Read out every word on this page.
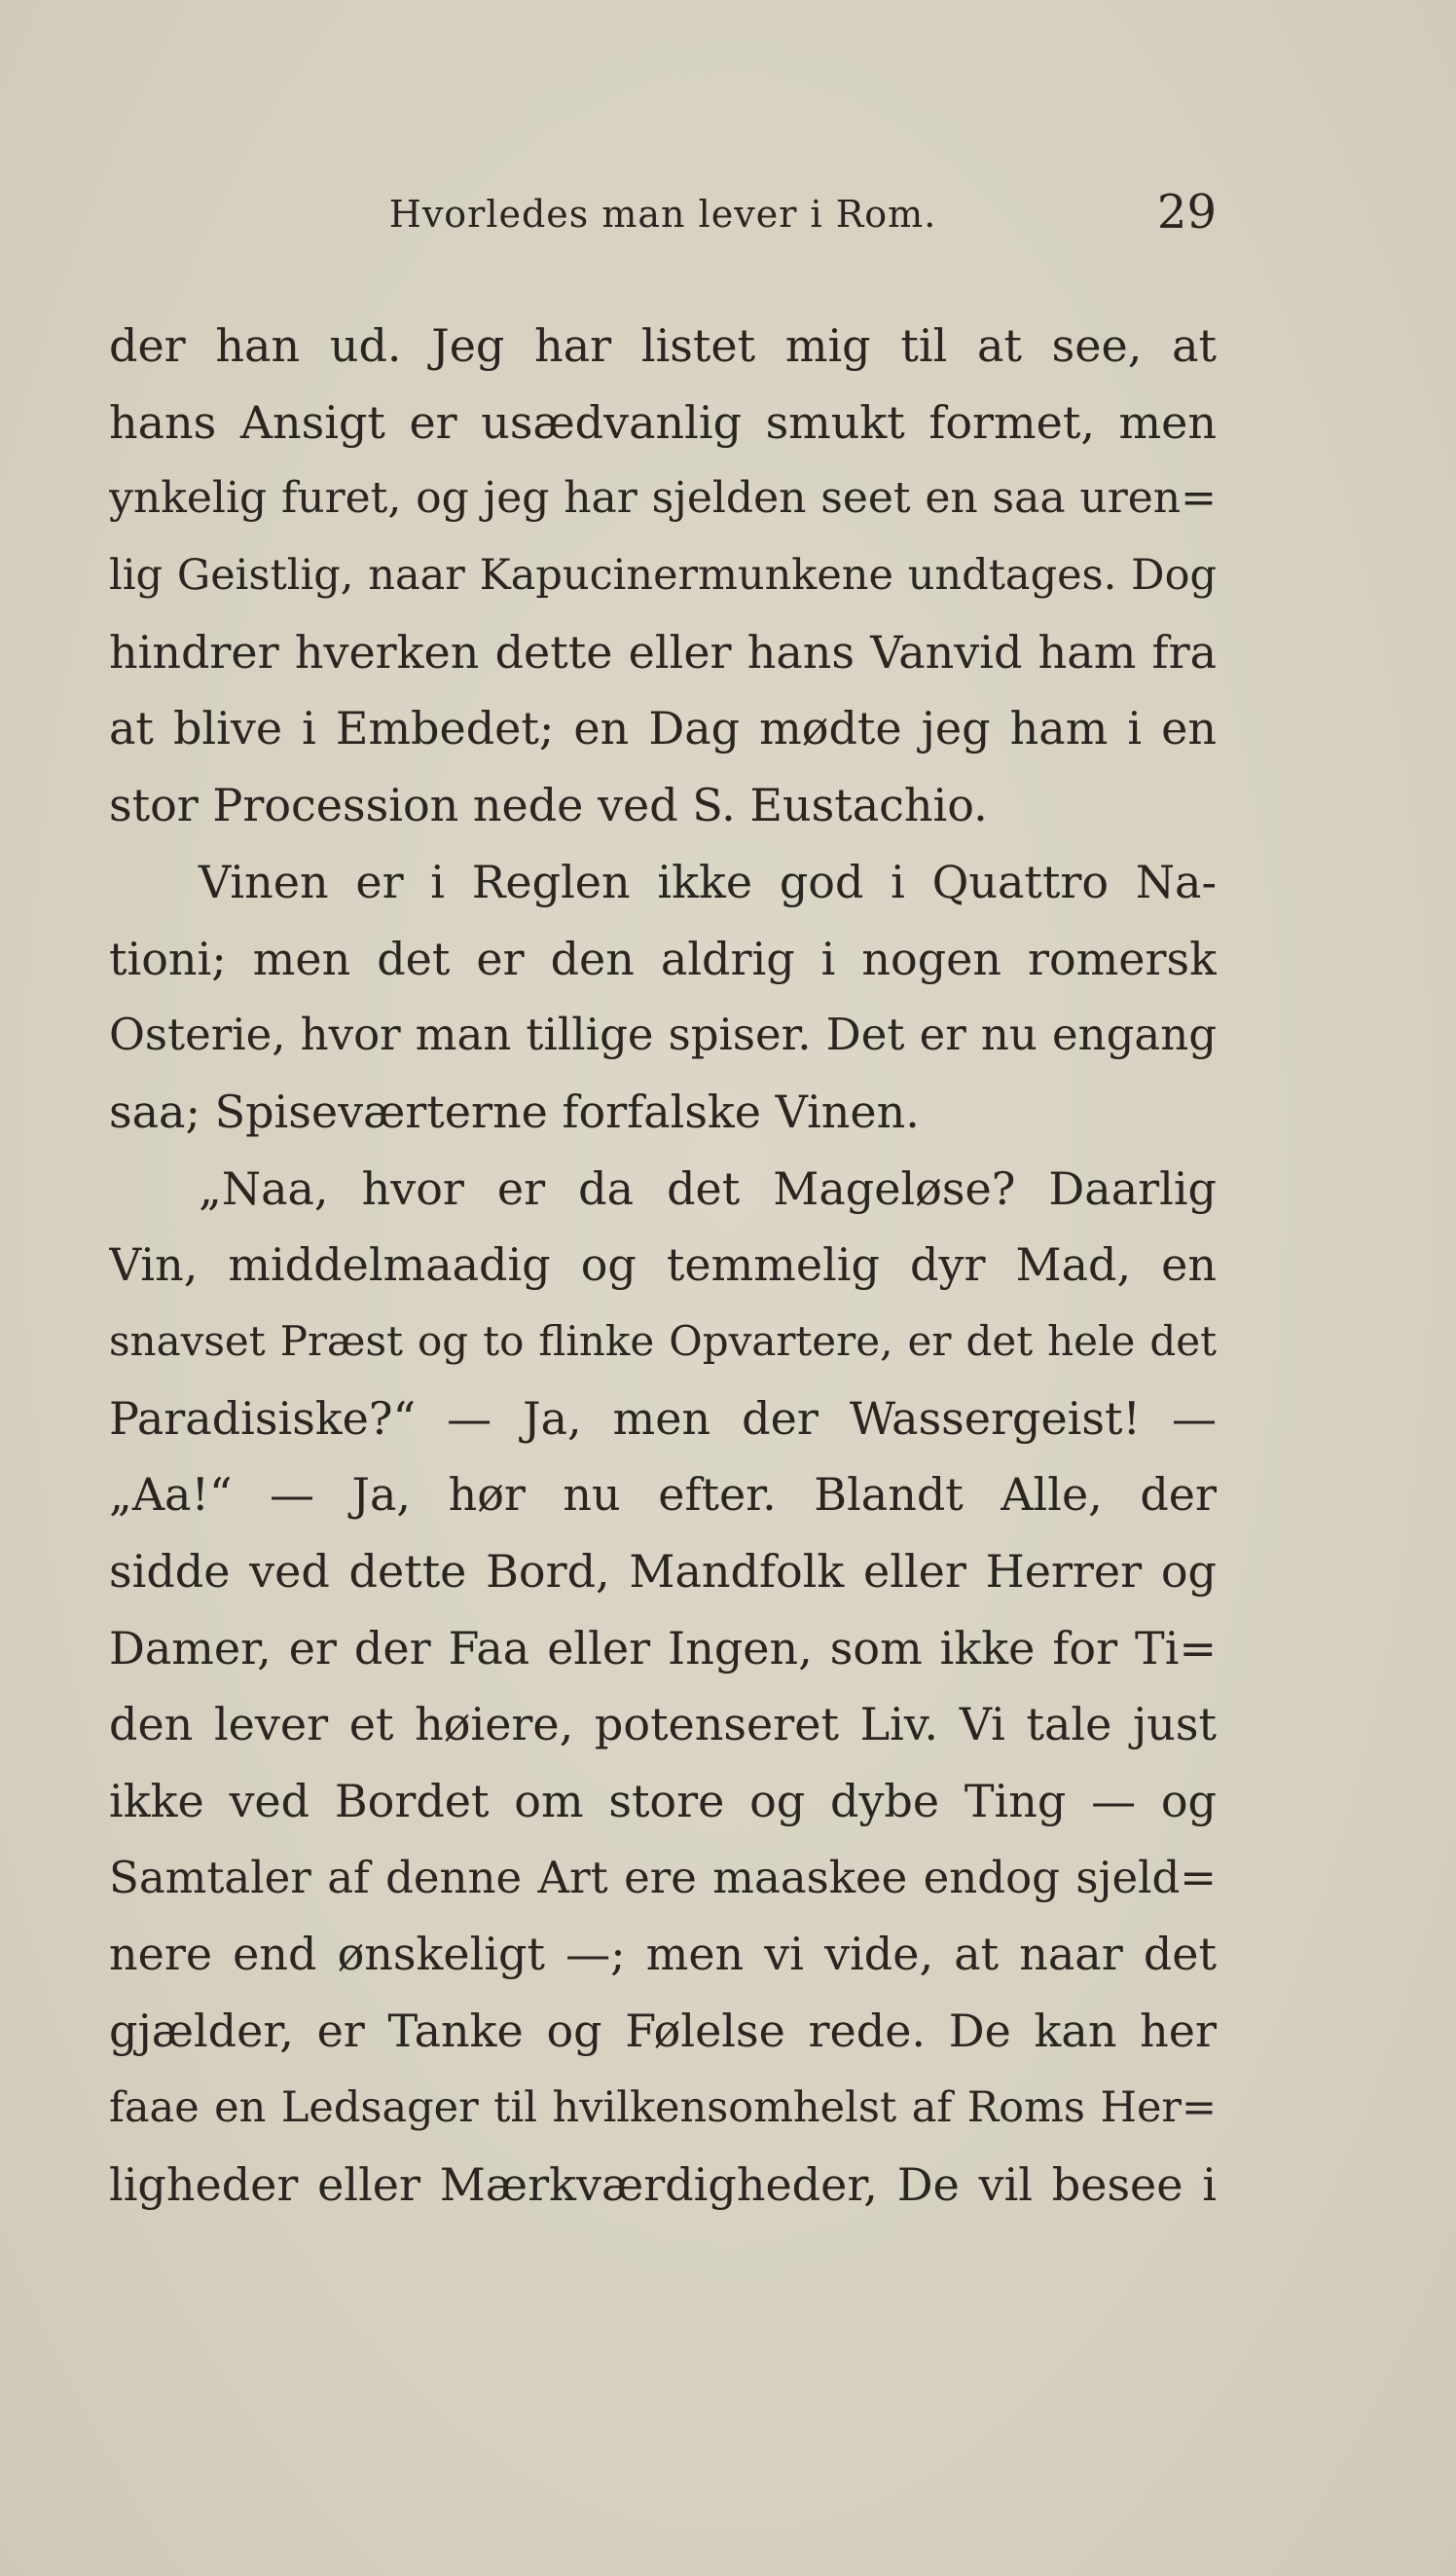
Hvorledes man lever i Rom.	29
der han ud. Jeg har listet mig til at see, at
hans Ansigt er usædvanlig smukt formet, men
ynkelig furet, og jeg har sjelden seet en saa uren=
lig Geistlig, naar Kapucinermunkene undtages. Dog
hindrer hverken dette eller hans Vanvid ham fra
at blive i Embedet; en Dag mødte jeg ham i en
stor Procession nede ved S. Eustachio.
Vinen er i Reglen ikke god i Quattro Na-
tioni; men det er den aldrig i nogen romersk
Osterie, hvor man tillige spiser. Det er nu engang
saa; Spiseværterne forfalske Vinen.
„Naa, hvor er da det Mageløse? Daarlig
Vin, middelmaadig og temmelig dyr Mad, en
snavset Præst og to flinke Opvartere, er det hele det
Paradisiske?“ — Ja, men der Wassergeist! —
„Aa!“ — Ja, hør nu efter. Blandt Alle, der
sidde ved dette Bord, Mandfolk eller Herrer og
Damer, er der Faa eller Ingen, som ikke for Ti=
den lever et høiere, potenseret Liv. Vi tale just
ikke ved Bordet om store og dybe Ting — og
Samtaler af denne Art ere maaskee endog sjeld=
nere end ønskeligt —; men vi vide, at naar det
gjælder, er Tanke og Følelse rede. De kan her
faae en Ledsager til hvilkensomhelst af Roms Her=
ligheder eller Mærkværdigheder, De vil besee i
